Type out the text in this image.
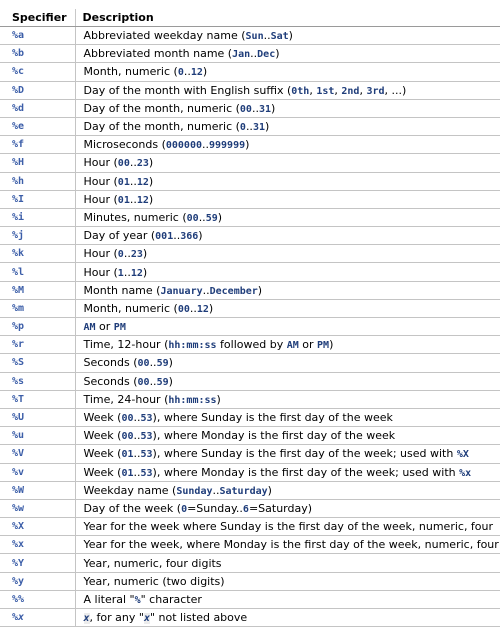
Specifier	Description
%a	Abbreviated weekday name (Sun..Sat)
%b	Abbreviated month name (Jan..Dec)
%c	Month, numeric (0..12)
%D	Day of the month with English suffix (0th, 1st, 2nd, 3rd, ...)
%d	Day of the month, numeric (00..31)
%e	Day of the month, numeric (0..31)
%f	Microseconds (000000..999999)
%H	Hour (00..23)
%h	Hour (01..12)
%I	Hour (01..12)
%i	Minutes, numeric (00..59)
%j	Day of year (001..366)
%k	Hour (0..23)
%l	Hour (1..12)
%M	Month name (January..December)
%m	Month, numeric (00..12)
%p	AM or PM
%r	Time, 12-hour (hh:mm:ss followed by AM or PM)
%S	Seconds (00..59)
%s	Seconds (00..59)
%T	Time, 24-hour (hh:mm:ss)
%U	Week (00..53), where Sunday is the first day of the week
%u	Week (00..53), where Monday is the first day of the week
%V	Week (01..53), where Sunday is the first day of the week; used with %X
%v	Week (01..53), where Monday is the first day of the week; used with %x
%W	Weekday name (Sunday..Saturday)
%w	Day of the week (0=Sunday..6=Saturday)
%X	Year for the week where Sunday is the first day of the week, numeric, four
%x	Year for the week, where Monday is the first day of the week, numeric, four
%Y	Year, numeric, four digits
%y	Year, numeric (two digits)
%%	A literal "%" character
%x	x, for any "x" not listed above
